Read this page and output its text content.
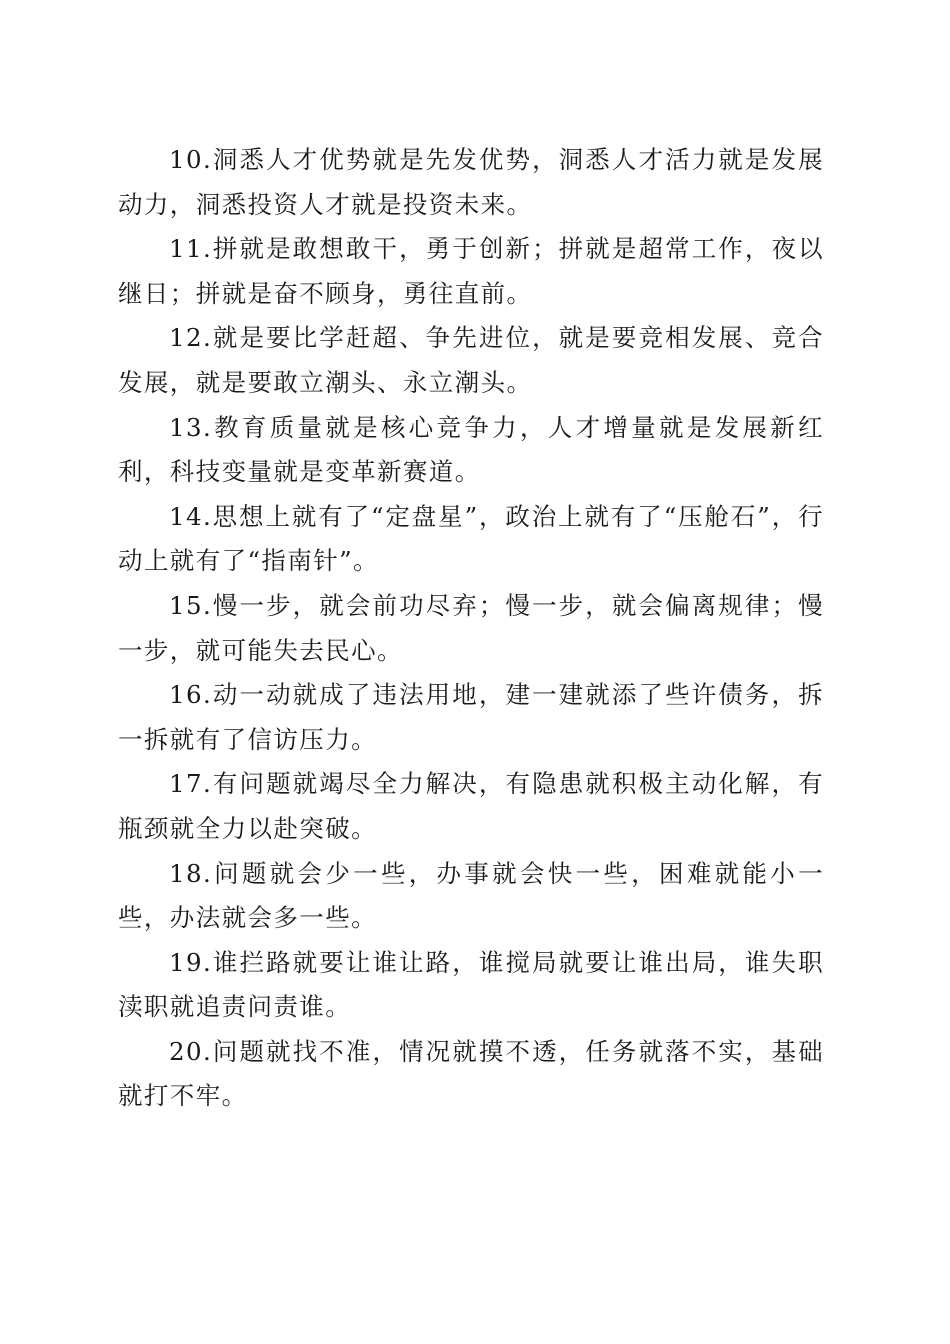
10.洞悉人才优势就是先发优势，洞悉人才活力就是发展动力，洞悉投资人才就是投资未来。

11.拼就是敢想敢干，勇于创新；拼就是超常工作，夜以继日；拼就是奋不顾身，勇往直前。

12.就是要比学赶超、争先进位，就是要竞相发展、竞合发展，就是要敢立潮头、永立潮头。

13.教育质量就是核心竞争力，人才增量就是发展新红利，科技变量就是变革新赛道。

14.思想上就有了“定盘星”，政治上就有了“压舱石”，行动上就有了“指南针”。

15.慢一步，就会前功尽弃；慢一步，就会偏离规律；慢一步，就可能失去民心。

16.动一动就成了违法用地，建一建就添了些许债务，拆一拆就有了信访压力。

17.有问题就竭尽全力解决，有隐患就积极主动化解，有瓶颈就全力以赴突破。

18.问题就会少一些，办事就会快一些，困难就能小一些，办法就会多一些。

19.谁拦路就要让谁让路，谁搅局就要让谁出局，谁失职渎职就追责问责谁。

20.问题就找不准，情况就摸不透，任务就落不实，基础就打不牢。
